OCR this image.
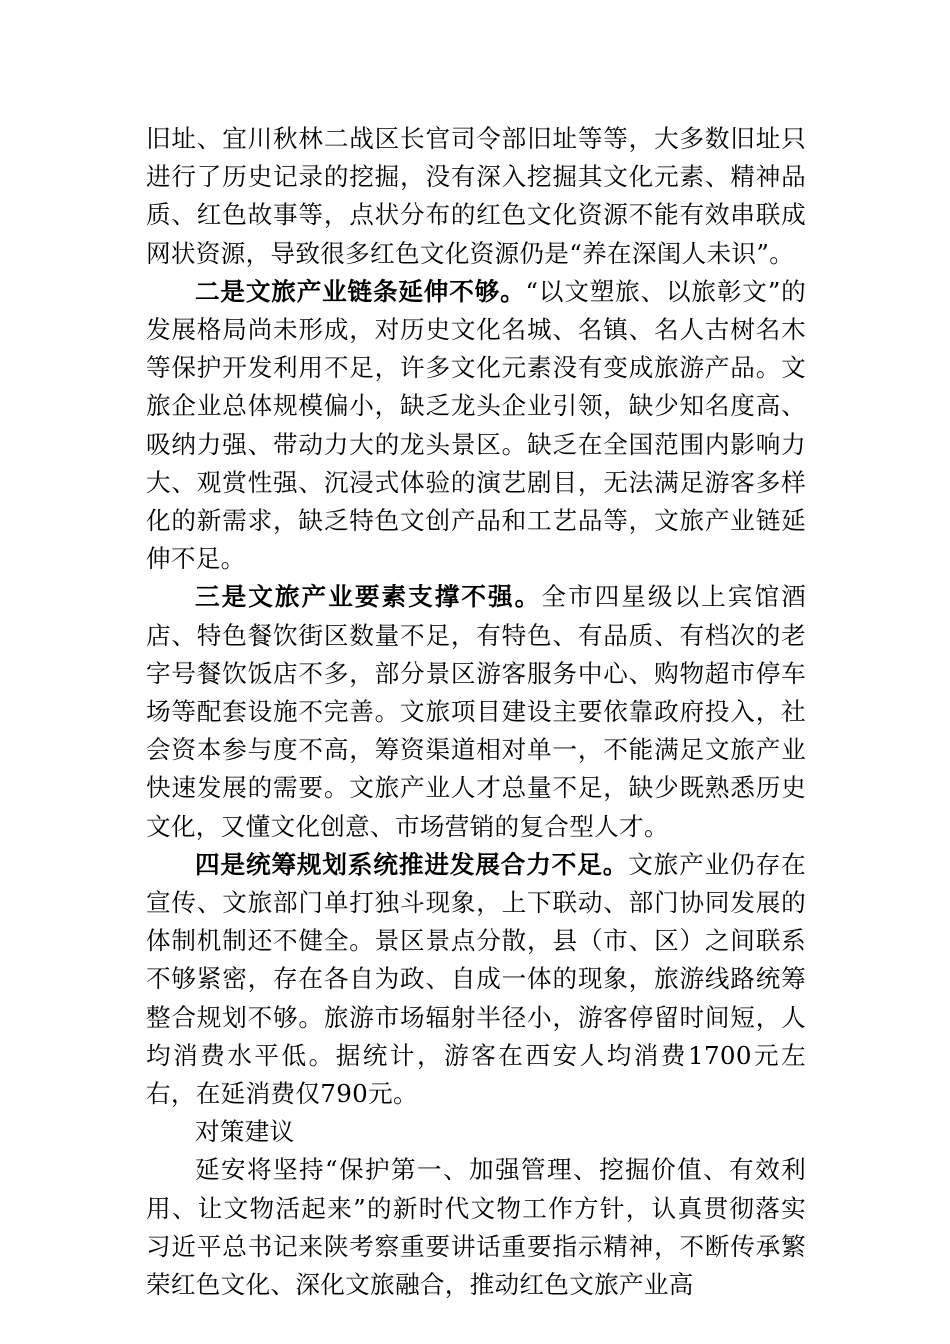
旧址、宜川秋林二战区长官司令部旧址等等，大多数旧址只进行了历史记录的挖掘，没有深入挖掘其文化元素、精神品质、红色故事等，点状分布的红色文化资源不能有效串联成网状资源，导致很多红色文化资源仍是“养在深闺人未识”。

二是文旅产业链条延伸不够。“以文塑旅、以旅彰文”的发展格局尚未形成，对历史文化名城、名镇、名人古树名木等保护开发利用不足，许多文化元素没有变成旅游产品。文旅企业总体规模偏小，缺乏龙头企业引领，缺少知名度高、吸纳力强、带动力大的龙头景区。缺乏在全国范围内影响力大、观赏性强、沉浸式体验的演艺剧目，无法满足游客多样化的新需求，缺乏特色文创产品和工艺品等，文旅产业链延伸不足。

三是文旅产业要素支撑不强。全市四星级以上宾馆酒店、特色餐饮街区数量不足，有特色、有品质、有档次的老字号餐饮饭店不多，部分景区游客服务中心、购物超市停车场等配套设施不完善。文旅项目建设主要依靠政府投入，社会资本参与度不高，筹资渠道相对单一，不能满足文旅产业快速发展的需要。文旅产业人才总量不足，缺少既熟悉历史文化，又懂文化创意、市场营销的复合型人才。

四是统筹规划系统推进发展合力不足。文旅产业仍存在宣传、文旅部门单打独斗现象，上下联动、部门协同发展的体制机制还不健全。景区景点分散，县（市、区）之间联系不够紧密，存在各自为政、自成一体的现象，旅游线路统筹整合规划不够。旅游市场辐射半径小，游客停留时间短，人均消费水平低。据统计，游客在西安人均消费1700元左右，在延消费仅790元。

对策建议

延安将坚持“保护第一、加强管理、挖掘价值、有效利用、让文物活起来”的新时代文物工作方针，认真贯彻落实习近平总书记来陕考察重要讲话重要指示精神，不断传承繁荣红色文化、深化文旅融合，推动红色文旅产业高
